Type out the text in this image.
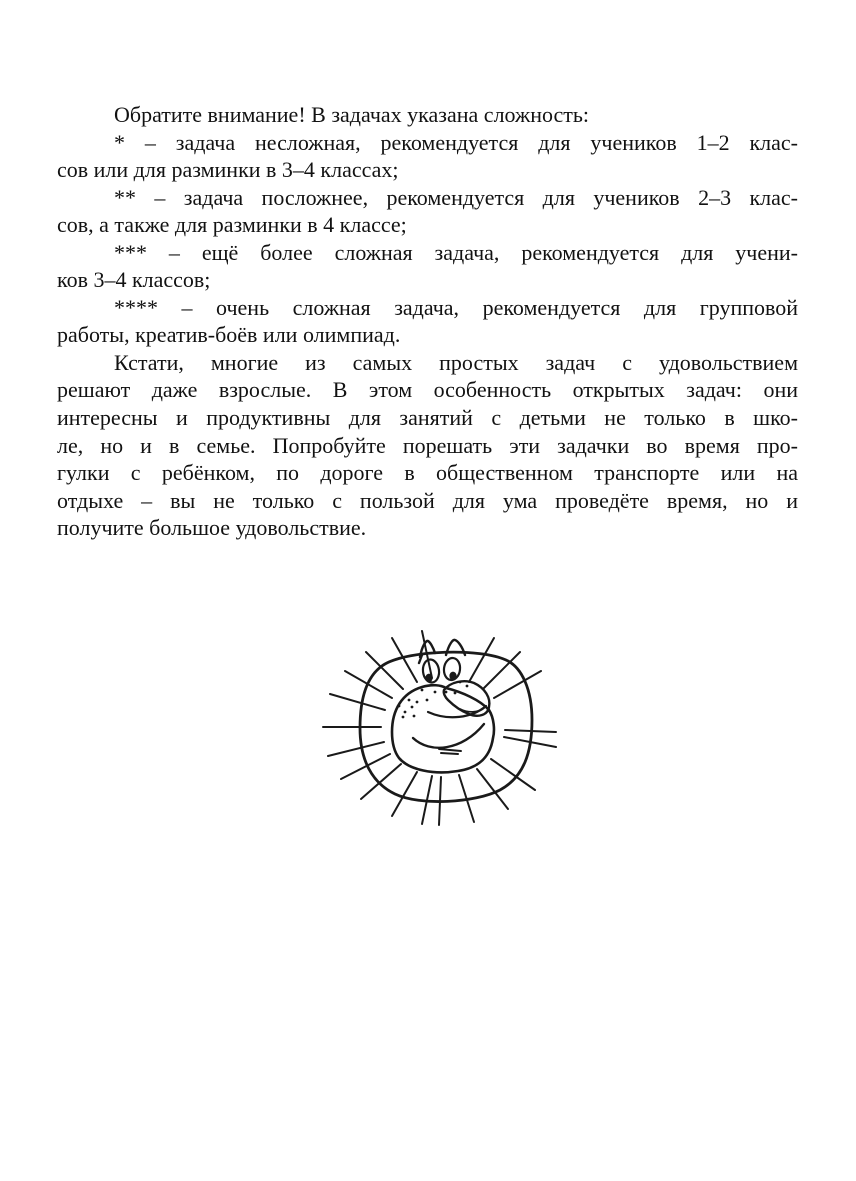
Обратите внимание! В задачах указана сложность:
* – задача несложная, рекомендуется для учеников 1–2 клас-
сов или для разминки в 3–4 классах;
** – задача посложнее, рекомендуется для учеников 2–3 клас-
сов, а также для разминки в 4 классе;
*** – ещё более сложная задача, рекомендуется для учени-
ков 3–4 классов;
**** – очень сложная задача, рекомендуется для групповой
работы, креатив-боёв или олимпиад.
Кстати, многие из самых простых задач с удовольствием
решают даже взрослые. В этом особенность открытых задач: они
интересны и продуктивны для занятий с детьми не только в шко-
ле, но и в семье. Попробуйте порешать эти задачки во время про-
гулки с ребёнком, по дороге в общественном транспорте или на
отдыхе – вы не только с пользой для ума проведёте время, но и
получите большое удовольствие.
